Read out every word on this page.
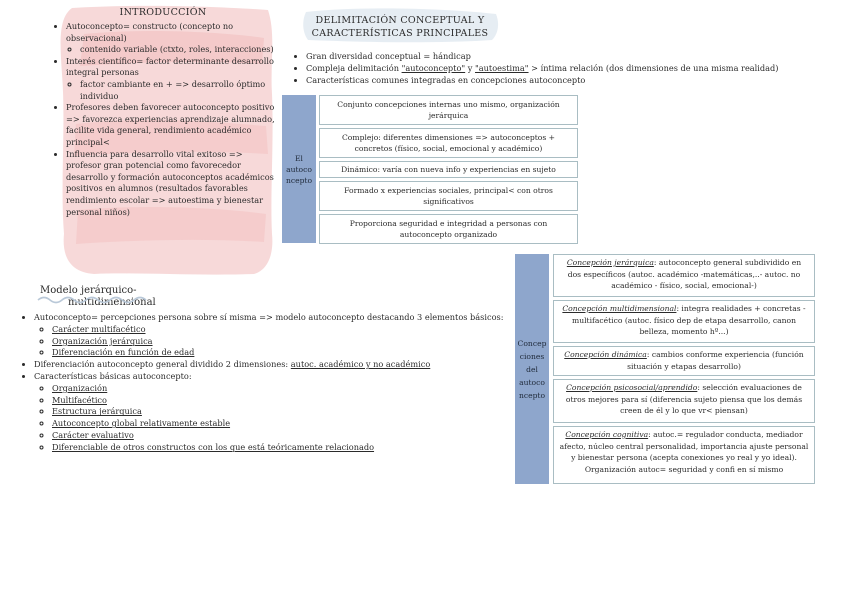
INTRODUCCIÓN
• Autoconcepto= constructo (concepto no observacional)
◦ contenido variable (ctxto, roles, interacciones)
• Interés científico= factor determinante desarrollo integral personas
◦ factor cambiante en + => desarrollo óptimo individuo
• Profesores deben favorecer autoconcepto positivo => favorezca experiencias aprendizaje alumnado, facilite vida general, rendimiento académico principal<
• Influencia para desarrollo vital exitoso => profesor gran potencial como favorecedor desarrollo y formación autoconceptos académicos positivos en alumnos (resultados favorables rendimiento escolar => autoestima y bienestar personal niños)
DELIMITACIÓN CONCEPTUAL Y
CARACTERÍSTICAS PRINCIPALES
• Gran diversidad conceptual = hándicap
• Compleja delimitación "autoconcepto" y "autoestima" > íntima relación (dos dimensiones de una misma realidad)
• Características comunes integradas en concepciones autoconcepto
El autoco ncepto
Conjunto concepciones internas uno mismo, organización jerárquica
Complejo: diferentes dimensiones => autoconceptos + concretos (físico, social, emocional y académico)
Dinámico: varía con nueva info y experiencias en sujeto
Formado x experiencias sociales, principal< con otros significativos
Proporciona seguridad e integridad a personas con autoconcepto organizado
Modelo jerárquico-
multidimensional
• Autoconcepto= percepciones persona sobre sí misma => modelo autoconcepto destacando 3 elementos básicos:
◦ Carácter multifacético
◦ Organización jerárquica
◦ Diferenciación en función de edad
• Diferenciación autoconcepto general dividido 2 dimensiones: autoc. académico y no académico
• Características básicas autoconcepto:
◦ Organización
◦ Multifacético
◦ Estructura jerárquica
◦ Autoconcepto global relativamente estable
◦ Carácter evaluativo
◦ Diferenciable de otros constructos con los que está teóricamente relacionado
Concep ciones del autoco ncepto
Concepción jerárquica: autoconcepto general subdividido en dos específicos (autoc. académico -matemáticas,..- autoc. no académico - físico, social, emocional-)
Concepción multidimensional: integra realidades + concretas - multifacético (autoc. físico dep de etapa desarrollo, canon belleza, momento hº...)
Concepción dinámica: cambios conforme experiencia (función situación y etapas desarrollo)
Concepción psicosocial/aprendido: selección evaluaciones de otros mejores para sí (diferencia sujeto piensa que los demás creen de él y lo que vr< piensan)
Concepción cognitiva: autoc.= regulador conducta, mediador afecto, núcleo central personalidad, importancia ajuste personal y bienestar persona (acepta conexiones yo real y yo ideal). Organización autoc= seguridad y confi en sí mismo
